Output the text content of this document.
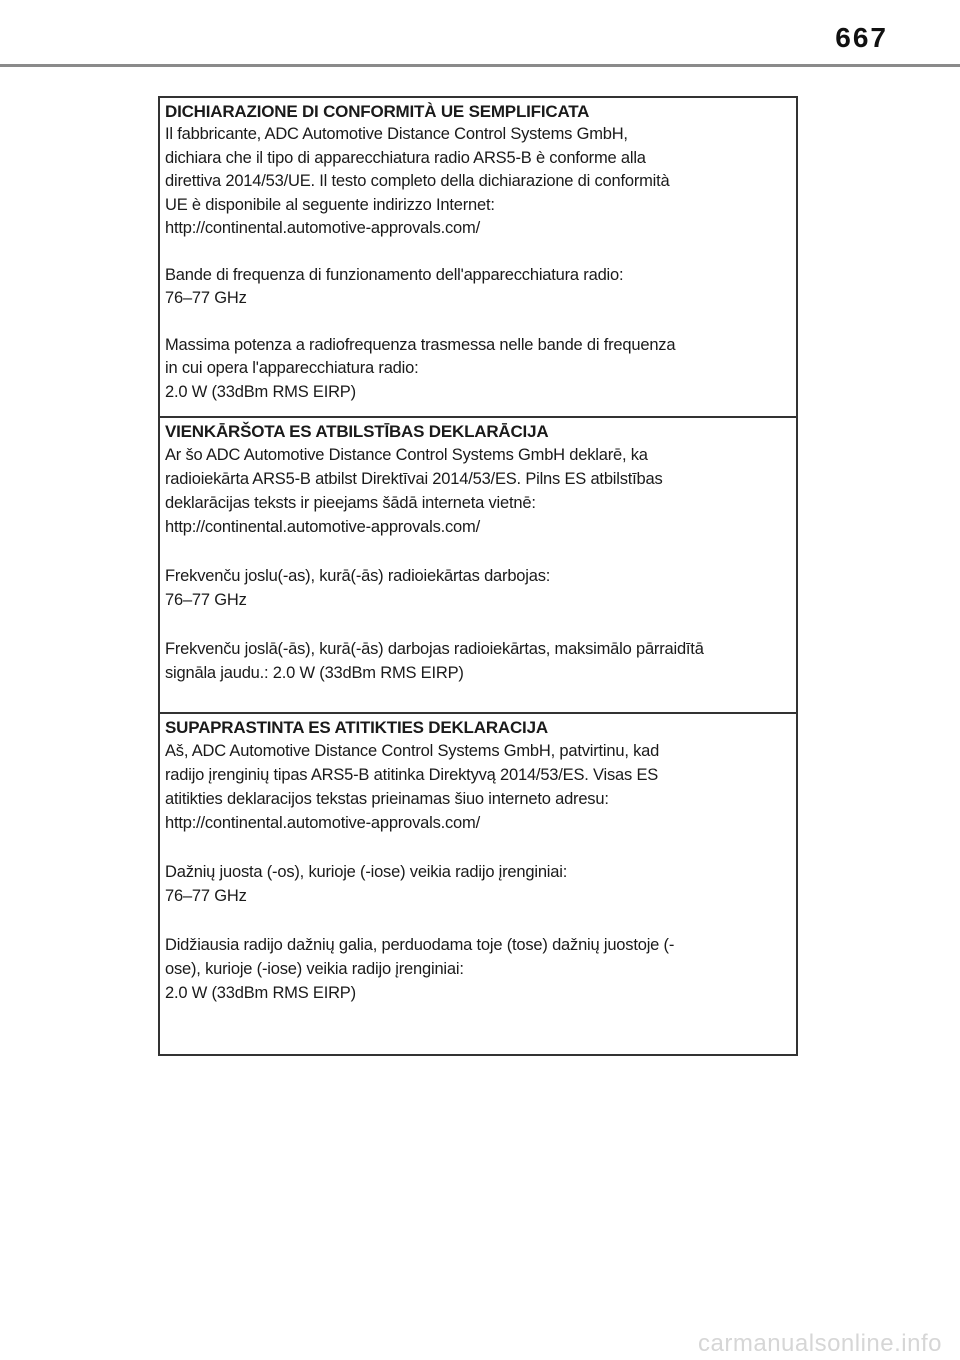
667

DICHIARAZIONE DI CONFORMITÀ UE SEMPLIFICATA

Il fabbricante, ADC Automotive Distance Control Systems GmbH,

dichiara che il tipo di apparecchiatura radio ARS5-B è conforme alla

direttiva 2014/53/UE. Il testo completo della dichiarazione di conformità

UE è disponibile al seguente indirizzo Internet:

http://continental.automotive-approvals.com/

Bande di frequenza di funzionamento dell'apparecchiatura radio:

76–77 GHz

Massima potenza a radiofrequenza trasmessa nelle bande di frequenza

in cui opera l'apparecchiatura radio:

2.0 W (33dBm RMS EIRP)

VIENKĀRŠOTA ES ATBILSTĪBAS DEKLARĀCIJA

Ar šo ADC Automotive Distance Control Systems GmbH deklarē, ka

radioiekārta ARS5-B atbilst Direktīvai 2014/53/ES. Pilns ES atbilstības

deklarācijas teksts ir pieejams šādā interneta vietnē:

http://continental.automotive-approvals.com/

Frekvenču joslu(-as), kurā(-ās) radioiekārtas darbojas:

76–77 GHz

Frekvenču joslā(-ās), kurā(-ās) darbojas radioiekārtas, maksimālo pārraidītā

signāla jaudu.: 2.0 W (33dBm RMS EIRP)

SUPAPRASTINTA ES ATITIKTIES DEKLARACIJA

Aš, ADC Automotive Distance Control Systems GmbH, patvirtinu, kad

radijo įrenginių tipas ARS5-B atitinka Direktyvą 2014/53/ES. Visas ES

atitikties deklaracijos tekstas prieinamas šiuo interneto adresu:

http://continental.automotive-approvals.com/

Dažnių juosta (-os), kurioje (-iose) veikia radijo įrenginiai:

76–77 GHz

Didžiausia radijo dažnių galia, perduodama toje (tose) dažnių juostoje (-

ose), kurioje (-iose) veikia radijo įrenginiai:

2.0 W (33dBm RMS EIRP)

carmanualsonline.info
